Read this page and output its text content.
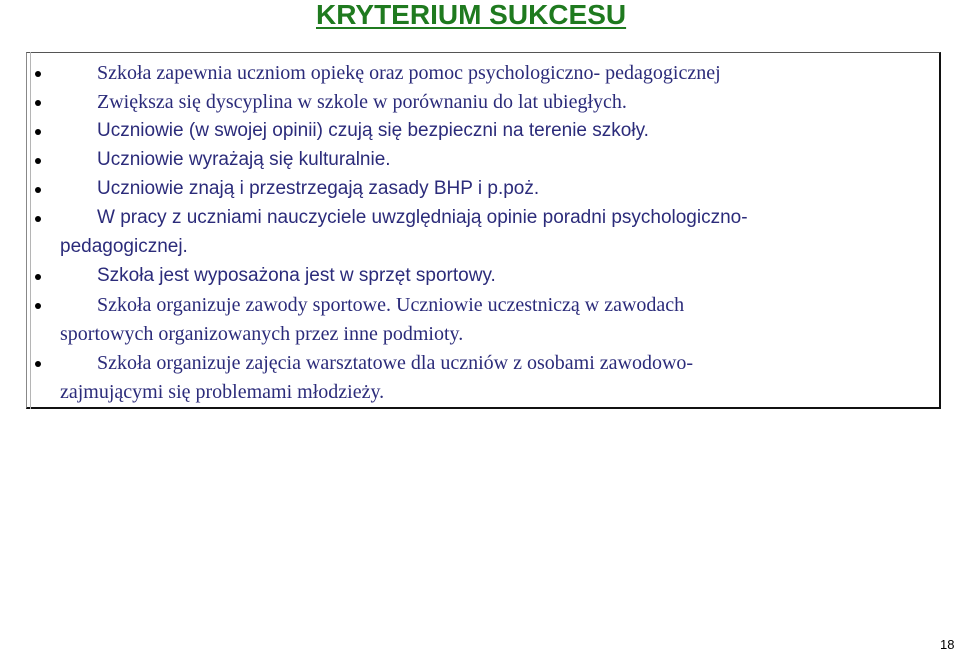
KRYTERIUM SUKCESU
Szkoła zapewnia uczniom opiekę oraz pomoc psychologiczno- pedagogicznej
Zwiększa się dyscyplina w szkole w porównaniu do lat ubiegłych.
Uczniowie (w swojej opinii) czują się bezpieczni na terenie szkoły.
Uczniowie wyrażają się kulturalnie.
Uczniowie znają i przestrzegają zasady BHP i p.poż.
W pracy z uczniami nauczyciele uwzględniają opinie poradni psychologiczno-
pedagogicznej.
Szkoła jest wyposażona jest w sprzęt sportowy.
Szkoła organizuje zawody sportowe. Uczniowie uczestniczą w zawodach
sportowych organizowanych przez inne podmioty.
Szkoła organizuje zajęcia warsztatowe dla uczniów z osobami zawodowo-
zajmującymi się problemami młodzieży.
18
